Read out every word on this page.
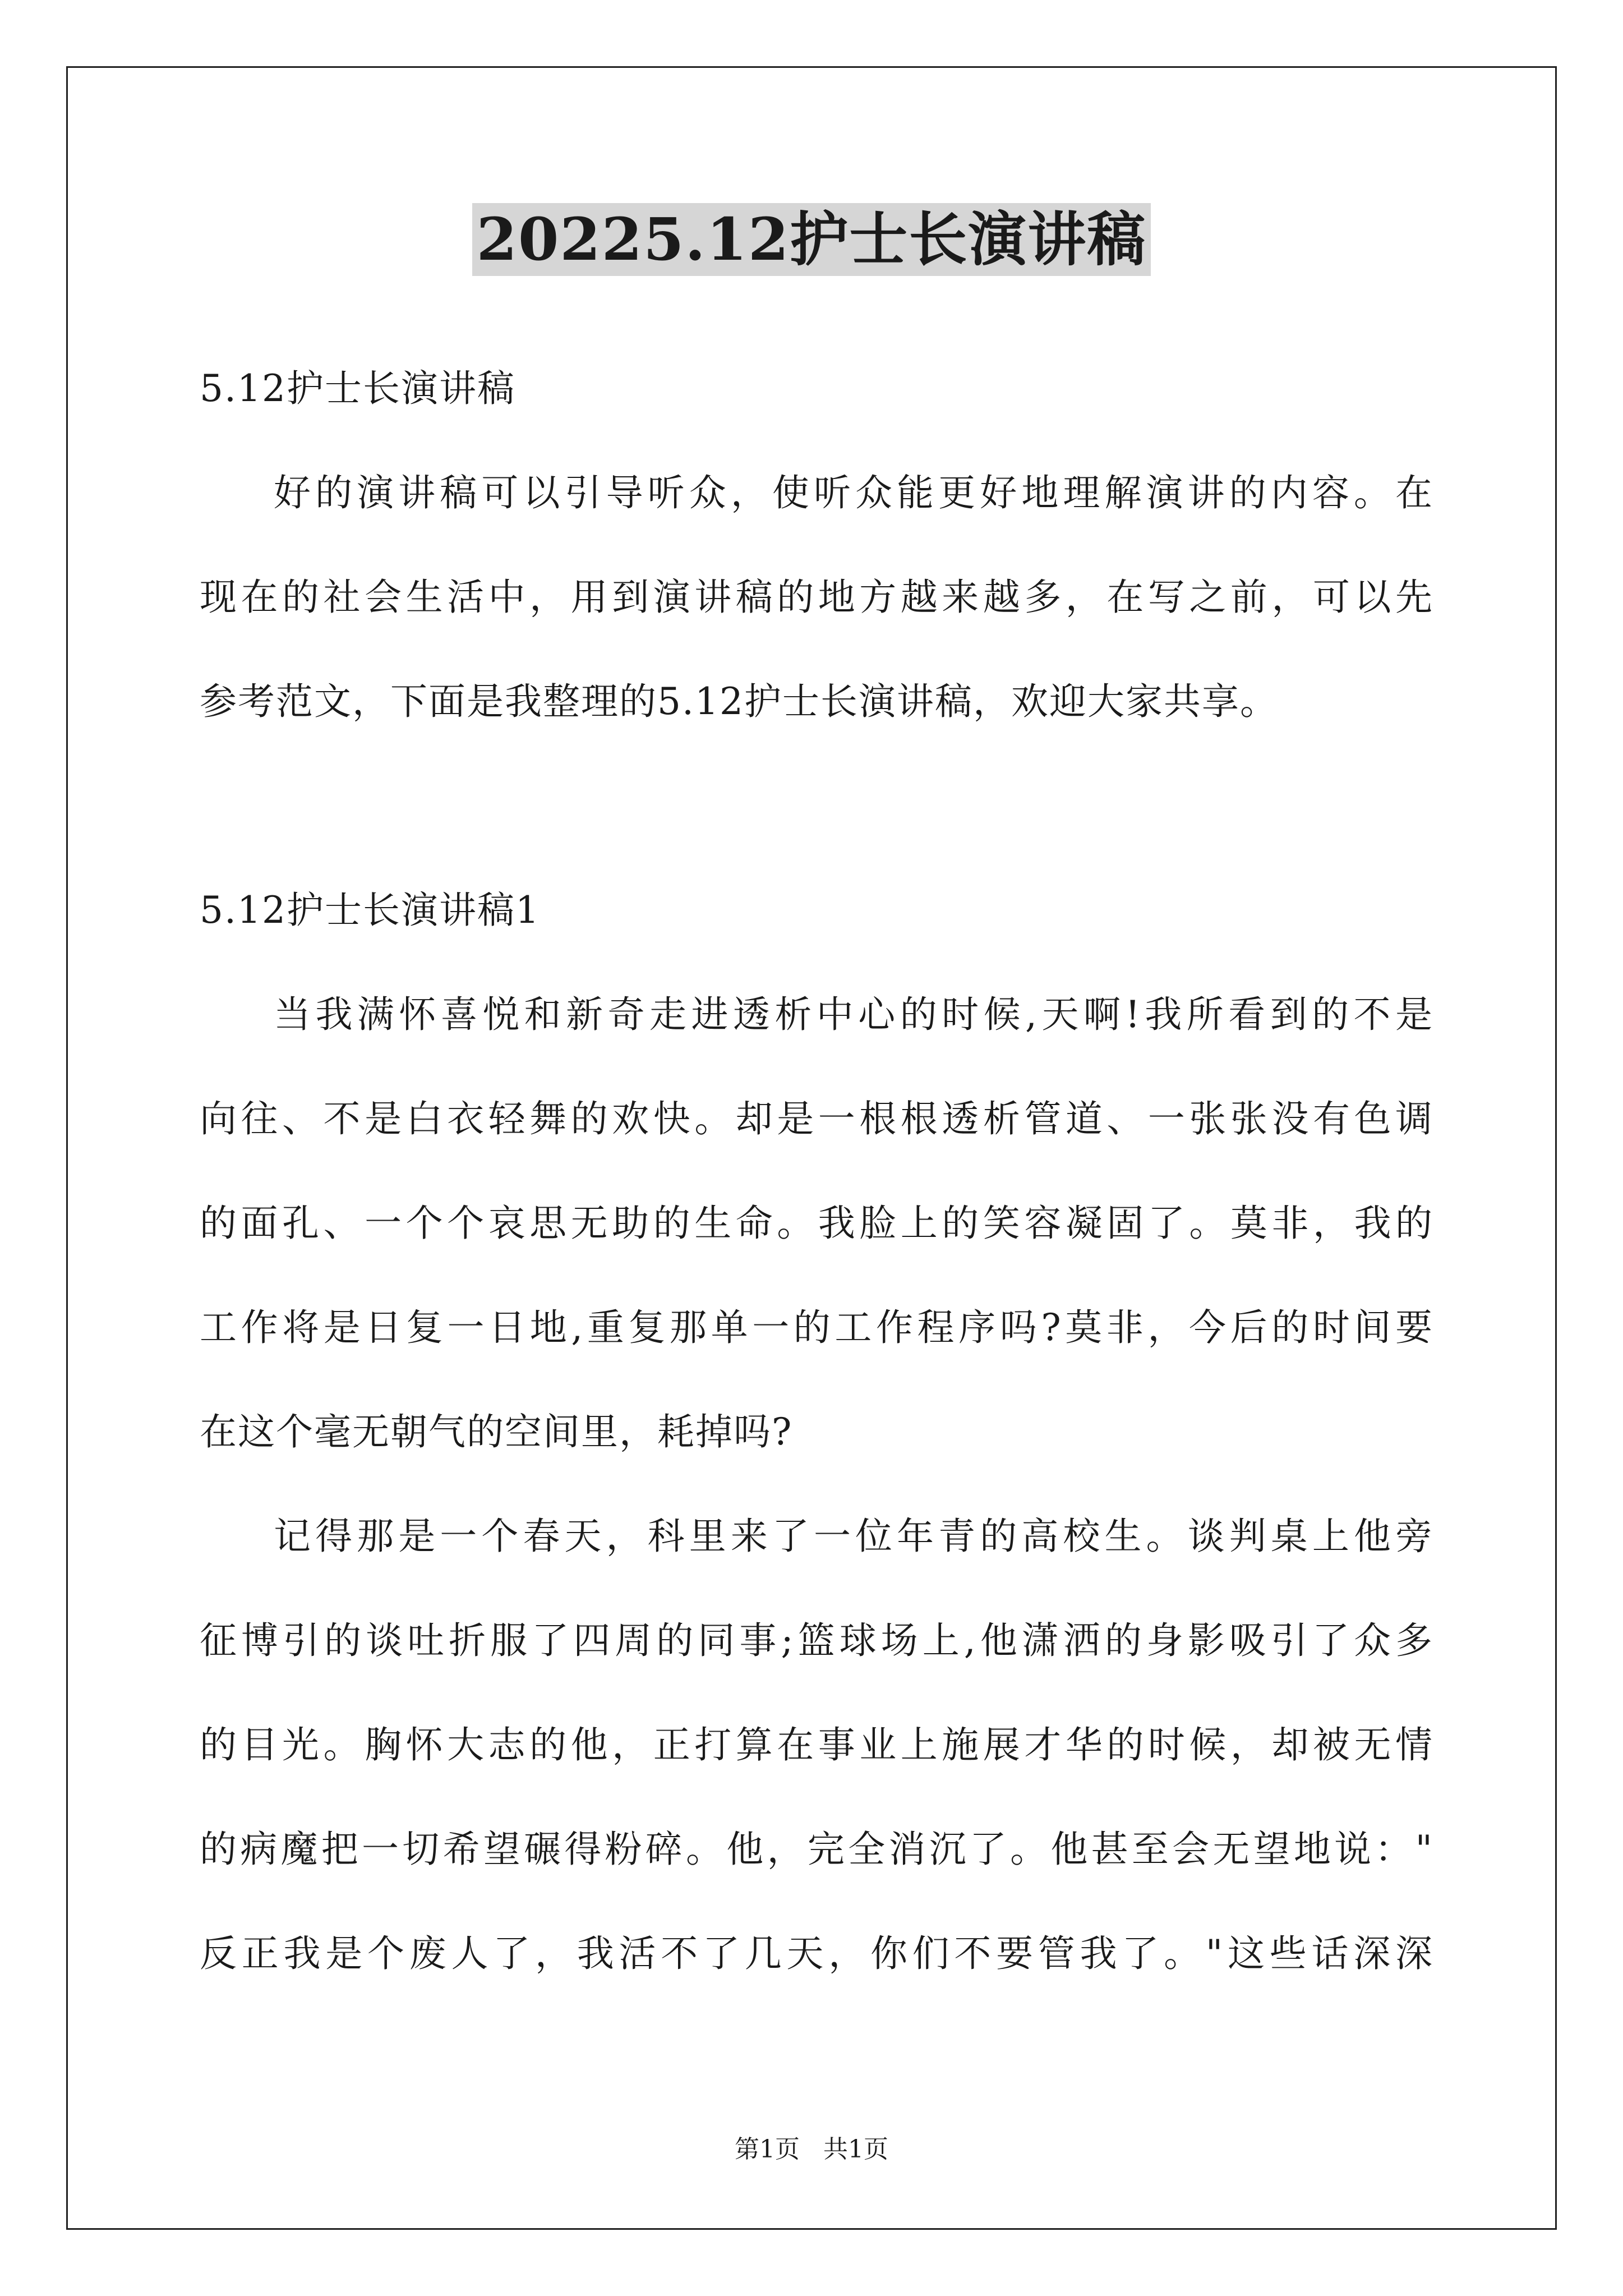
20225.12护士长演讲稿
5.12护士长演讲稿
好的演讲稿可以引导听众，使听众能更好地理解演讲的内容。在
现在的社会生活中，用到演讲稿的地方越来越多，在写之前，可以先
参考范文，下面是我整理的5.12护士长演讲稿，欢迎大家共享。
5.12护士长演讲稿1
当我满怀喜悦和新奇走进透析中心的时候,天啊!我所看到的不是
向往、不是白衣轻舞的欢快。却是一根根透析管道、一张张没有色调
的面孔、一个个哀思无助的生命。我脸上的笑容凝固了。莫非，我的
工作将是日复一日地,重复那单一的工作程序吗?莫非，今后的时间要
在这个毫无朝气的空间里，耗掉吗?
记得那是一个春天，科里来了一位年青的高校生。谈判桌上他旁
征博引的谈吐折服了四周的同事;篮球场上,他潇洒的身影吸引了众多
的目光。胸怀大志的他，正打算在事业上施展才华的时候，却被无情
的病魔把一切希望碾得粉碎。他，完全消沉了。他甚至会无望地说："
反正我是个废人了，我活不了几天，你们不要管我了。"这些话深深
第1页 共1页
